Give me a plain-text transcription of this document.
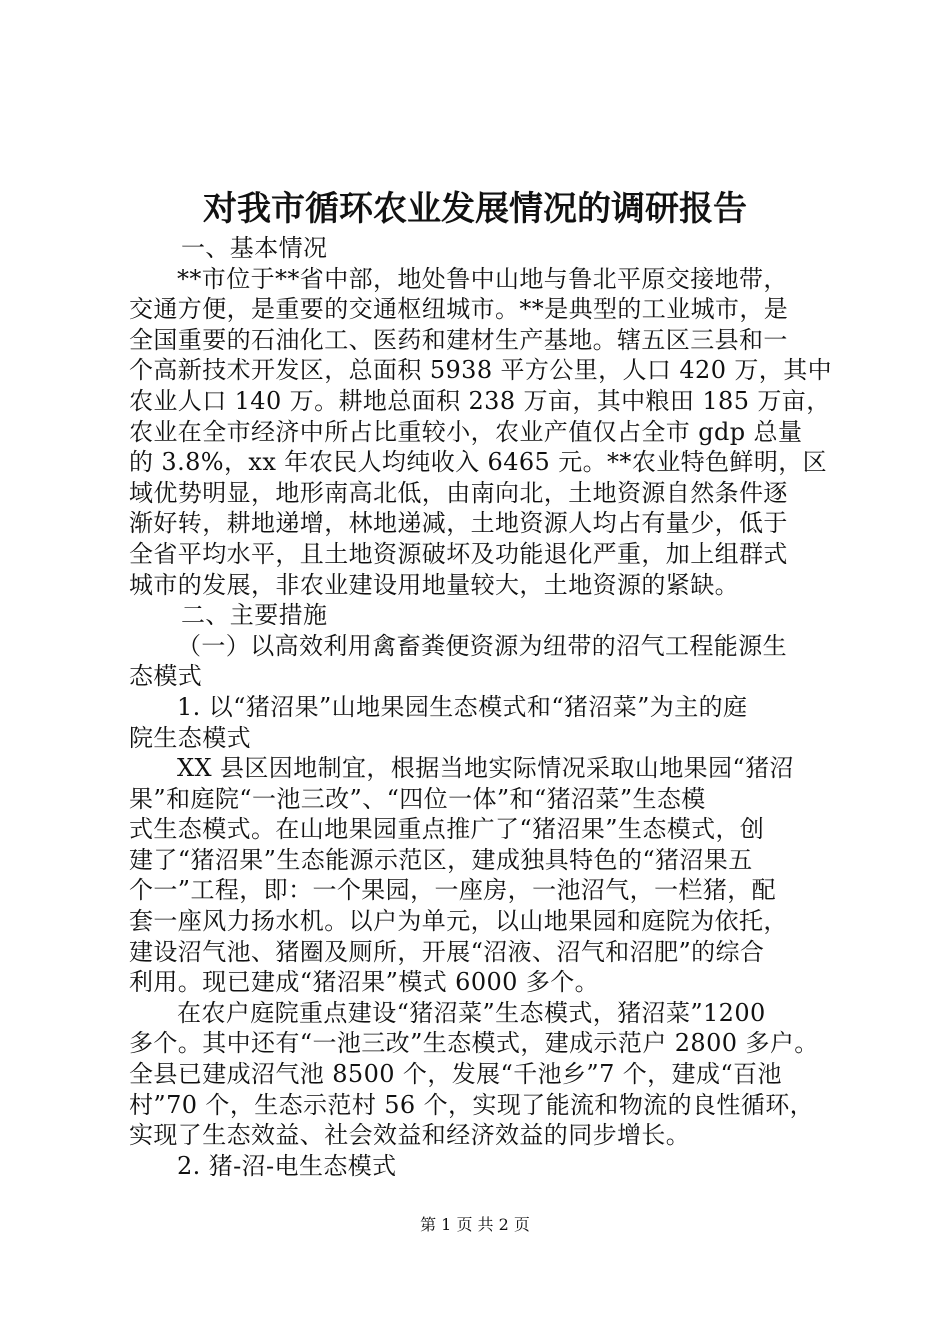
对我市循环农业发展情况的调研报告
一、基本情况
**市位于**省中部，地处鲁中山地与鲁北平原交接地带，
交通方便，是重要的交通枢纽城市。**是典型的工业城市，是
全国重要的石油化工、医药和建材生产基地。辖五区三县和一
个高新技术开发区，总面积 5938 平方公里，人口 420 万，其中
农业人口 140 万。耕地总面积 238 万亩，其中粮田 185 万亩，
农业在全市经济中所占比重较小，农业产值仅占全市 gdp 总量
的 3.8%，xx 年农民人均纯收入 6465 元。**农业特色鲜明，区
域优势明显，地形南高北低，由南向北，土地资源自然条件逐
渐好转，耕地递增，林地递减，土地资源人均占有量少，低于
全省平均水平，且土地资源破坏及功能退化严重，加上组群式
城市的发展，非农业建设用地量较大，土地资源的紧缺。
二、主要措施
（一）以高效利用禽畜粪便资源为纽带的沼气工程能源生
态模式
1. 以“猪沼果”山地果园生态模式和“猪沼菜”为主的庭
院生态模式
XX 县区因地制宜，根据当地实际情况采取山地果园“猪沼
果”和庭院“一池三改”、“四位一体”和“猪沼菜”生态模
式生态模式。在山地果园重点推广了“猪沼果”生态模式，创
建了“猪沼果”生态能源示范区，建成独具特色的“猪沼果五
个一”工程，即：一个果园，一座房，一池沼气，一栏猪，配
套一座风力扬水机。以户为单元，以山地果园和庭院为依托，
建设沼气池、猪圈及厕所，开展“沼液、沼气和沼肥”的综合
利用。现已建成“猪沼果”模式 6000 多个。
在农户庭院重点建设“猪沼菜”生态模式，猪沼菜”1200
多个。其中还有“一池三改”生态模式，建成示范户 2800 多户。
全县已建成沼气池 8500 个，发展“千池乡”7 个，建成“百池
村”70 个，生态示范村 56 个，实现了能流和物流的良性循环，
实现了生态效益、社会效益和经济效益的同步增长。
2. 猪-沼-电生态模式
第 1 页 共 2 页
